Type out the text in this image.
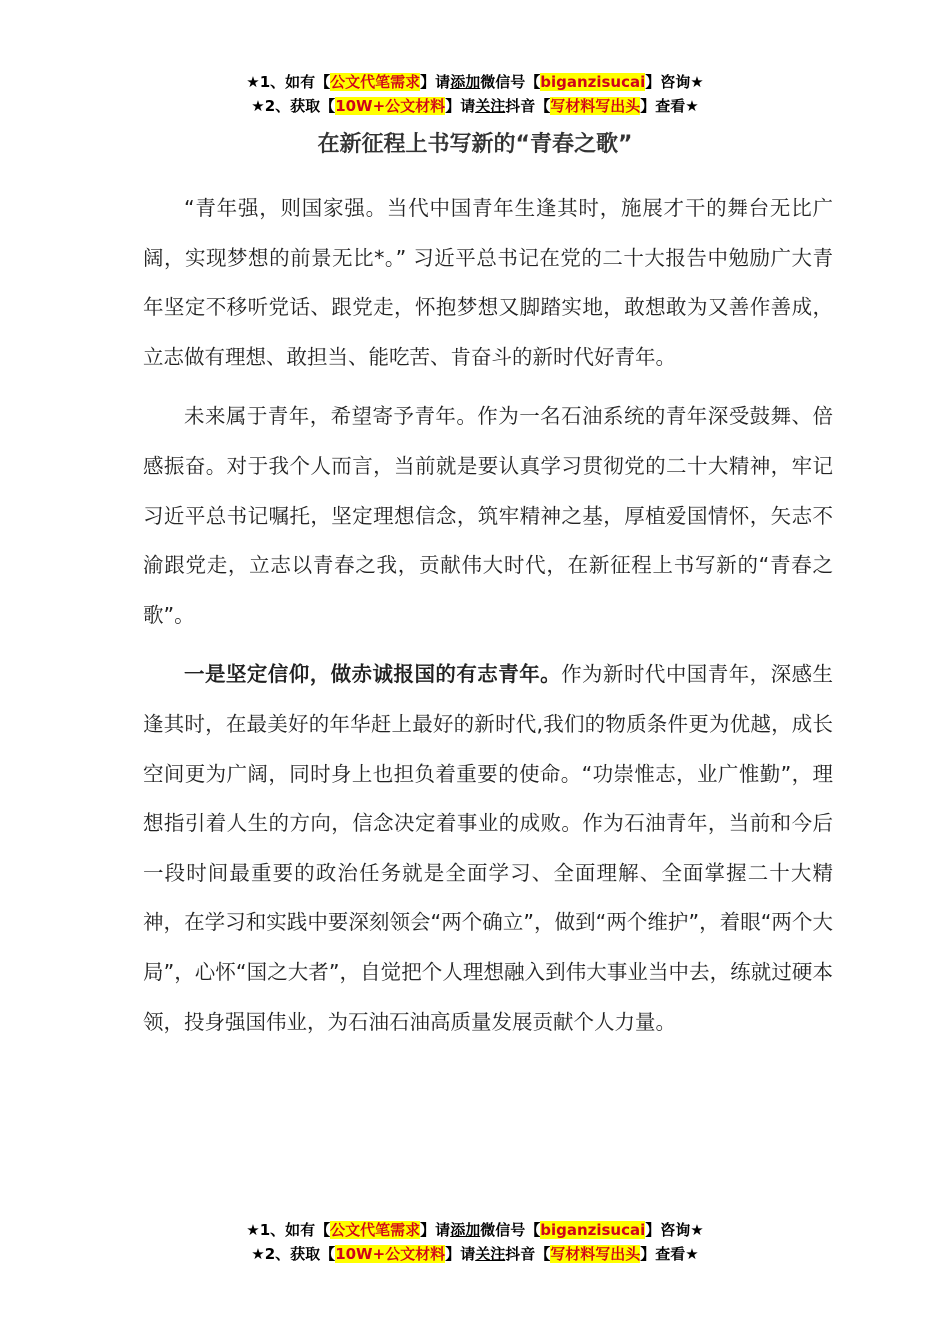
★1、如有【公文代笔需求】请添加微信号【biganzisucai】咨询★
★2、获取【10W+公文材料】请关注抖音【写材料写出头】查看★
在新征程上书写新的“青春之歌”

“青年强，则国家强。当代中国青年生逢其时，施展才干的舞台无比广阔，实现梦想的前景无比*。” 习近平总书记在党的二十大报告中勉励广大青年坚定不移听党话、跟党走，怀抱梦想又脚踏实地，敢想敢为又善作善成，立志做有理想、敢担当、能吃苦、肯奋斗的新时代好青年。

未来属于青年，希望寄予青年。作为一名石油系统的青年深受鼓舞、倍感振奋。对于我个人而言，当前就是要认真学习贯彻党的二十大精神，牢记习近平总书记嘱托，坚定理想信念，筑牢精神之基，厚植爱国情怀，矢志不渝跟党走，立志以青春之我，贡献伟大时代，在新征程上书写新的“青春之歌”。

一是坚定信仰，做赤诚报国的有志青年。作为新时代中国青年，深感生逢其时，在最美好的年华赶上最好的新时代,我们的物质条件更为优越，成长空间更为广阔，同时身上也担负着重要的使命。“功崇惟志，业广惟勤”，理想指引着人生的方向，信念决定着事业的成败。作为石油青年，当前和今后一段时间最重要的政治任务就是全面学习、全面理解、全面掌握二十大精神，在学习和实践中要深刻领会“两个确立”，做到“两个维护”，着眼“两个大局”，心怀“国之大者”，自觉把个人理想融入到伟大事业当中去，练就过硬本领，投身强国伟业，为石油石油高质量发展贡献个人力量。

★1、如有【公文代笔需求】请添加微信号【biganzisucai】咨询★
★2、获取【10W+公文材料】请关注抖音【写材料写出头】查看★
